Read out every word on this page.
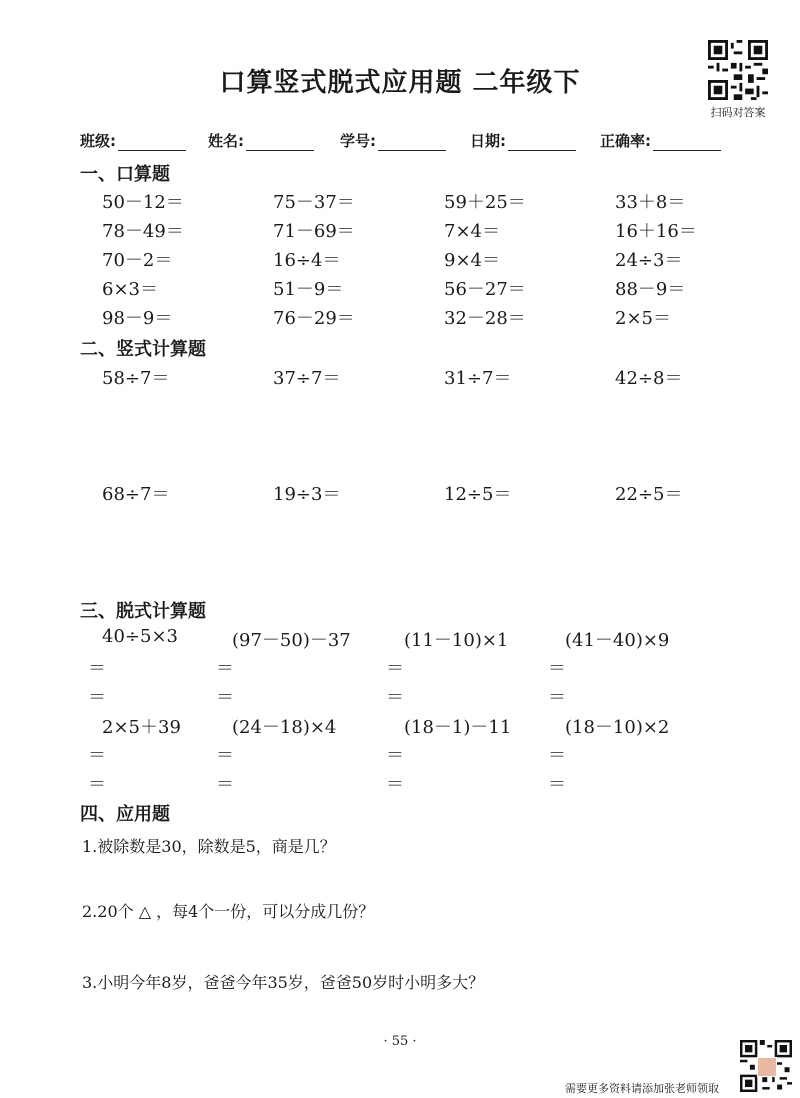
口算竖式脱式应用题 二年级下
扫码对答案
班级:	姓名:	学号:	日期:	正确率:
一、口算题
50－12＝	75－37＝	59＋25＝	33＋8＝
78－49＝	71－69＝	7×4＝	16＋16＝
70－2＝	16÷4＝	9×4＝	24÷3＝
6×3＝	51－9＝	56－27＝	88－9＝
98－9＝	76－29＝	32－28＝	2×5＝
二、竖式计算题
58÷7＝	37÷7＝	31÷7＝	42÷8＝
68÷7＝	19÷3＝	12÷5＝	22÷5＝
三、脱式计算题
40÷5×3	(97－50)－37	(11－10)×1	(41－40)×9
＝
＝
＝
＝
＝
＝
＝
＝
2×5＋39	(24－18)×4	(18－1)－11	(18－10)×2
＝
＝
＝
＝
＝
＝
＝
＝
四、应用题
1.被除数是30，除数是5，商是几？
2.20个 △ ，每4个一份，可以分成几份？
3.小明今年8岁，爸爸今年35岁，爸爸50岁时小明多大？
· 55 ·
需要更多资料请添加张老师领取
